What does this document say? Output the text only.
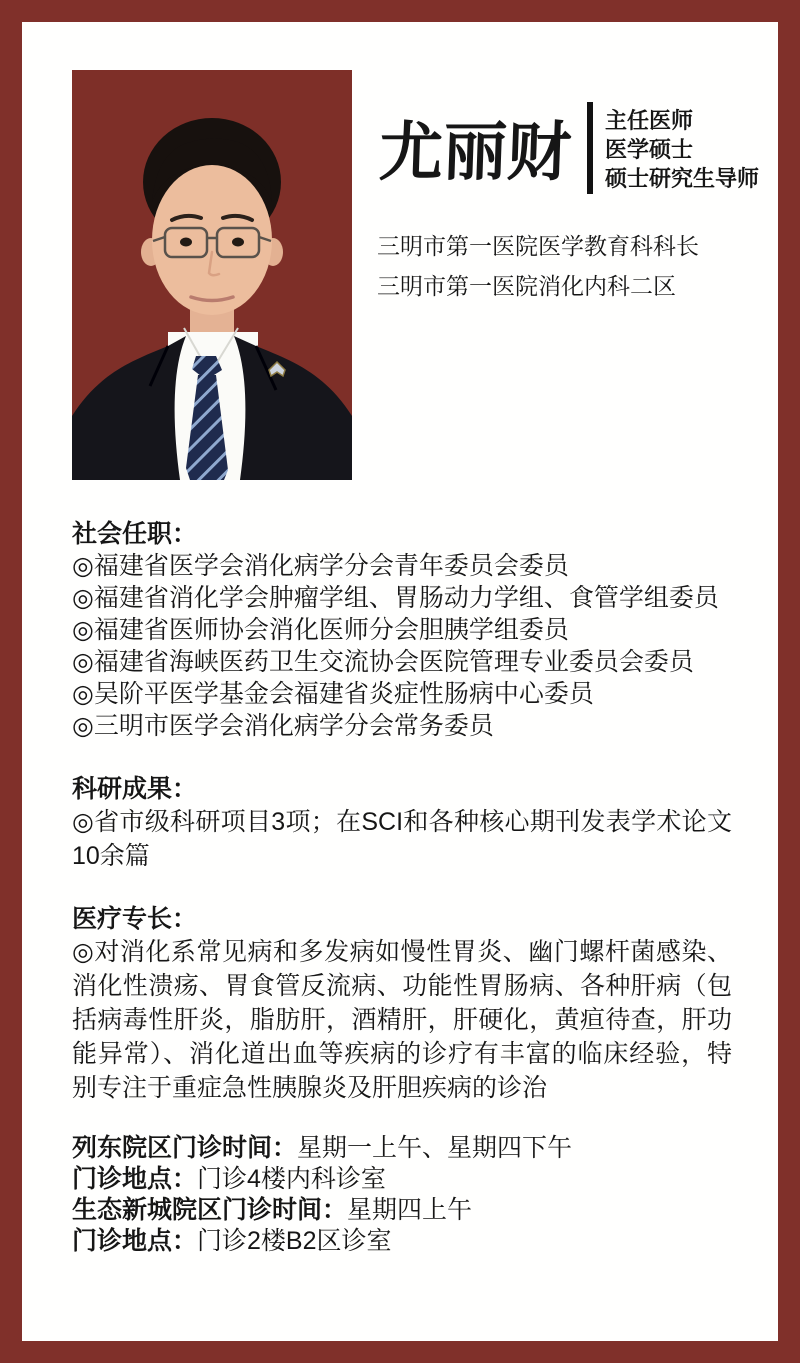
尤丽财	主任医师
医学硕士
硕士研究生导师
三明市第一医院医学教育科科长
三明市第一医院消化内科二区
社会任职：
◎福建省医学会消化病学分会青年委员会委员
◎福建省消化学会肿瘤学组、胃肠动力学组、食管学组委员
◎福建省医师协会消化医师分会胆胰学组委员
◎福建省海峡医药卫生交流协会医院管理专业委员会委员
◎吴阶平医学基金会福建省炎症性肠病中心委员
◎三明市医学会消化病学分会常务委员
科研成果：

◎省市级科研项目3项；在SCI和各种核心期刊发表学术论文10余篇

医疗专长：

◎对消化系常见病和多发病如慢性胃炎、幽门螺杆菌感染、消化性溃疡、胃食管反流病、功能性胃肠病、各种肝病（包括病毒性肝炎，脂肪肝，酒精肝，肝硬化，黄疸待查，肝功能异常）、消化道出血等疾病的诊疗有丰富的临床经验，特别专注于重症急性胰腺炎及肝胆疾病的诊治

列东院区门诊时间：星期一上午、星期四下午

门诊地点：门诊4楼内科诊室

生态新城院区门诊时间：星期四上午

门诊地点：门诊2楼B2区诊室
